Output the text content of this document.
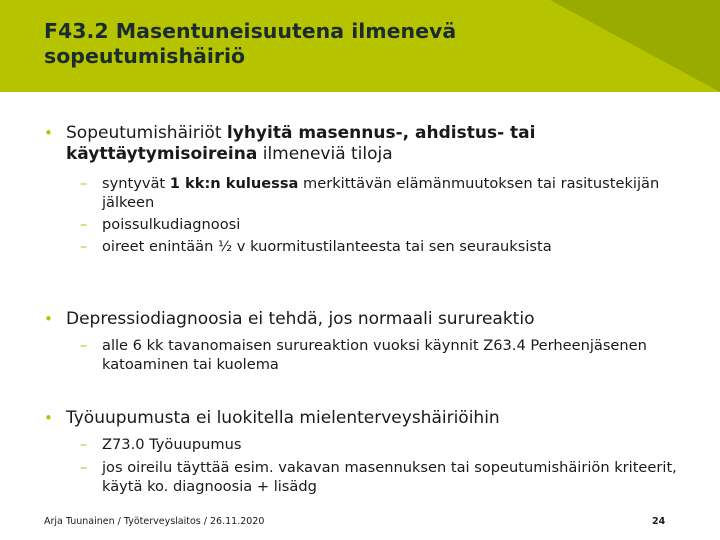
F43.2 Masentuneisuutena ilmenevä
sopeutumishäiriö
• Sopeutumishäiriöt lyhyitä masennus-, ahdistus- tai käyttäytymisoireina ilmeneviä tiloja
–	syntyvät 1 kk:n kuluessa merkittävän elämänmuutoksen tai rasitustekijän jälkeen
–	poissulkudiagnoosi
–	oireet enintään ½ v kuormitustilanteesta tai sen seurauksista
• Depressiodiagnoosia ei tehdä, jos normaali surureaktio
–	alle 6 kk tavanomaisen surureaktion vuoksi käynnit Z63.4 Perheenjäsenen katoaminen tai kuolema
• Työuupumusta ei luokitella mielenterveyshäiriöihin
–	Z73.0 Työuupumus
–	jos oireilu täyttää esim. vakavan masennuksen tai sopeutumishäiriön kriteerit, käytä ko. diagnoosia + lisädg
Arja Tuunainen / Työterveyslaitos / 26.11.2020	24
